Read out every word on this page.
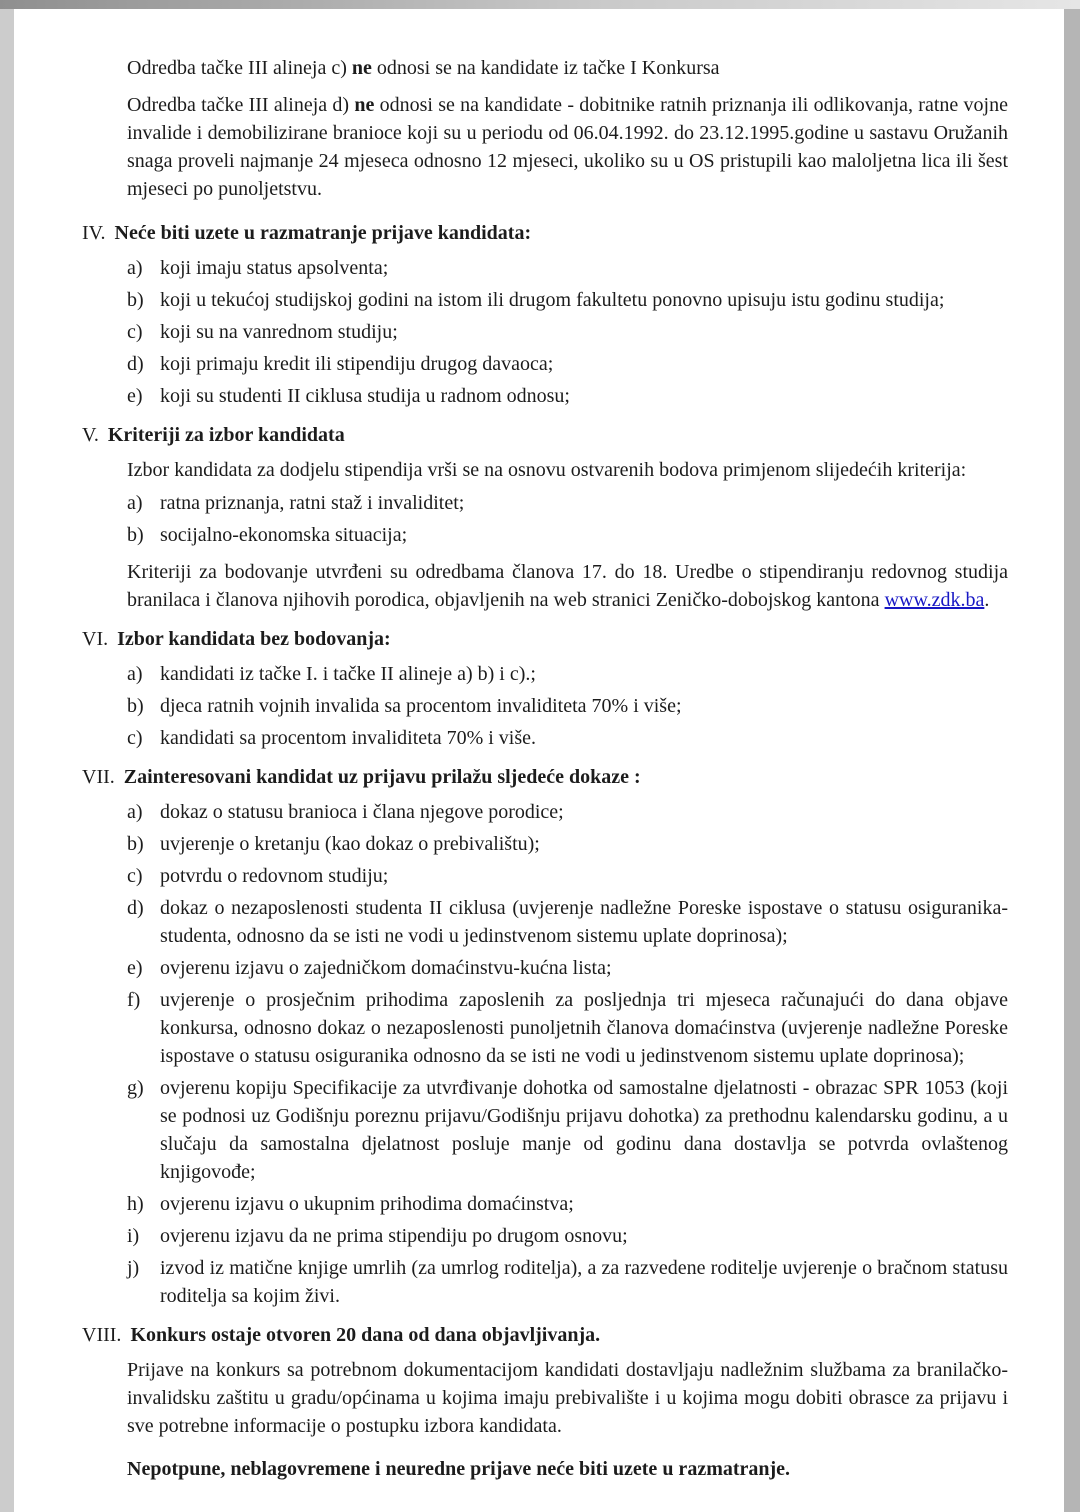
Odredba tačke III alineja c) ne odnosi se na kandidate iz tačke I Konkursa

Odredba tačke III alineja d) ne odnosi se na kandidate - dobitnike ratnih priznanja ili odlikovanja, ratne vojne invalide i demobilizirane branioce koji su u periodu od 06.04.1992. do 23.12.1995.godine u sastavu Oružanih snaga proveli najmanje 24 mjeseca odnosno 12 mjeseci, ukoliko su u OS pristupili kao maloljetna lica ili šest mjeseci po punoljetstvu.

IV. Neće biti uzete u razmatranje prijave kandidata:
a) koji imaju status apsolventa;
b) koji u tekućoj studijskoj godini na istom ili drugom fakultetu ponovno upisuju istu godinu studija;
c) koji su na vanrednom studiju;
d) koji primaju kredit ili stipendiju drugog davaoca;
e) koji su studenti II ciklusa studija u radnom odnosu;
V. Kriteriji za izbor kandidata

Izbor kandidata za dodjelu stipendija vrši se na osnovu ostvarenih bodova primjenom slijedećih kriterija:

a) ratna priznanja, ratni staž i invaliditet;
b) socijalno-ekonomska situacija;

Kriteriji za bodovanje utvrđeni su odredbama članova 17. do 18. Uredbe o stipendiranju redovnog studija branilaca i članova njihovih porodica, objavljenih na web stranici Zeničko-dobojskog kantona www.zdk.ba.

VI. Izbor kandidata bez bodovanja:
a) kandidati iz tačke I. i tačke II alineje a) b) i c).;
b) djeca ratnih vojnih invalida sa procentom invaliditeta 70% i više;
c) kandidati sa procentom invaliditeta 70% i više.
VII. Zainteresovani kandidat uz prijavu prilažu sljedeće dokaze :
a) dokaz o statusu branioca i člana njegove porodice;
b) uvjerenje o kretanju (kao dokaz o prebivalištu);
c) potvrdu o redovnom studiju;
d) dokaz o nezaposlenosti studenta II ciklusa (uvjerenje nadležne Poreske ispostave o statusu osiguranika-studenta, odnosno da se isti ne vodi u jedinstvenom sistemu uplate doprinosa);
e) ovjerenu izjavu o zajedničkom domaćinstvu-kućna lista;
f) uvjerenje o prosječnim prihodima zaposlenih za posljednja tri mjeseca računajući do dana objave konkursa, odnosno dokaz o nezaposlenosti punoljetnih članova domaćinstva (uvjerenje nadležne Poreske ispostave o statusu osiguranika odnosno da se isti ne vodi u jedinstvenom sistemu uplate doprinosa);
g) ovjerenu kopiju Specifikacije za utvrđivanje dohotka od samostalne djelatnosti - obrazac SPR 1053 (koji se podnosi uz Godišnju poreznu prijavu/Godišnju prijavu dohotka) za prethodnu kalendarsku godinu, a u slučaju da samostalna djelatnost posluje manje od godinu dana dostavlja se potvrda ovlaštenog knjigovođe;
h) ovjerenu izjavu o ukupnim prihodima domaćinstva;
i)	ovjerenu izjavu da ne prima stipendiju po drugom osnovu;
j)	izvod iz matične knjige umrlih (za umrlog roditelja), a za razvedene roditelje uvjerenje o bračnom statusu roditelja sa kojim živi.
VIII. Konkurs ostaje otvoren 20 dana od dana objavljivanja.

Prijave na konkurs sa potrebnom dokumentacijom kandidati dostavljaju nadležnim službama za branilačko-invalidsku zaštitu u gradu/općinama u kojima imaju prebivalište i u kojima mogu dobiti obrasce za prijavu i sve potrebne informacije o postupku izbora kandidata.

Nepotpune, neblagovremene i neuredne prijave neće biti uzete u razmatranje.
